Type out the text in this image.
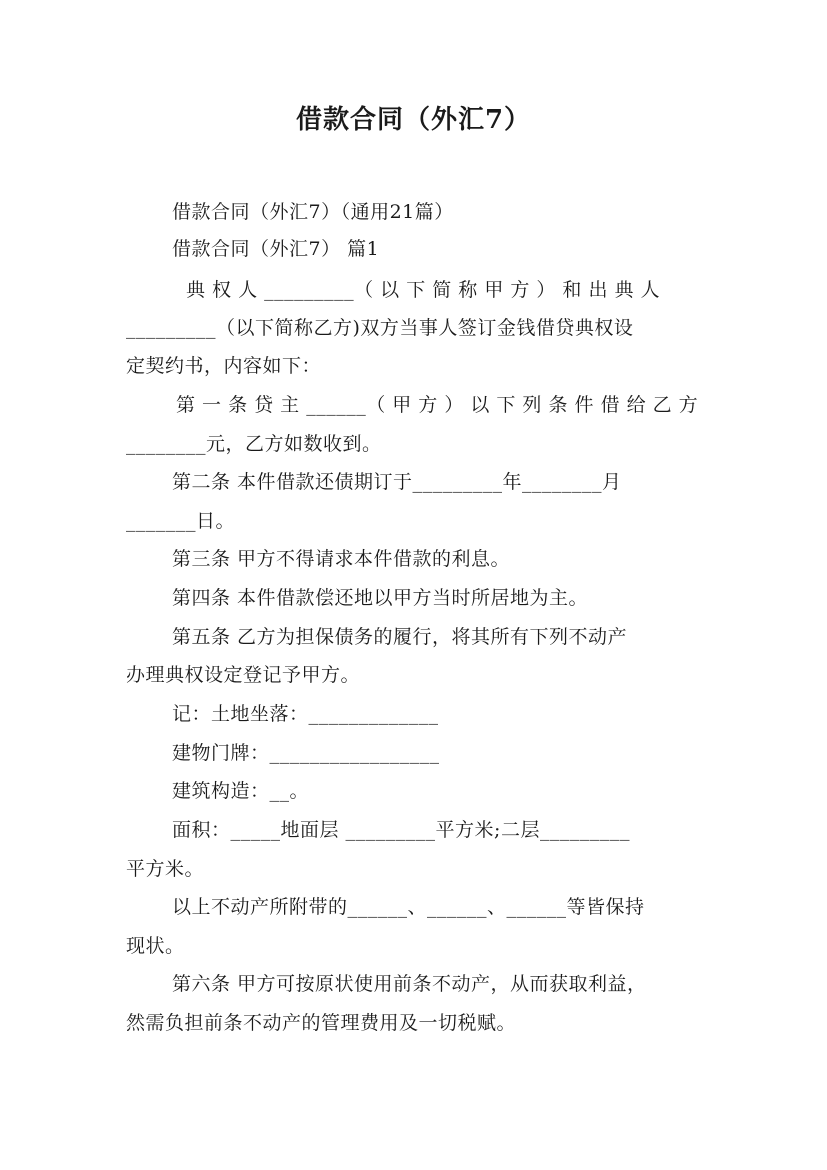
借款合同（外汇7）
借款合同（外汇7）（通用21篇）
借款合同（外汇7） 篇1
典 权 人 _________（ 以 下 简 称 甲 方 ） 和 出 典 人
_________（以下简称乙方)双方当事人签订金钱借贷典权设
定契约书，内容如下：
第 一 条 贷 主 ______（ 甲 方 ） 以 下 列 条 件 借 给 乙 方
________元，乙方如数收到。
第二条 本件借款还债期订于_________年________月
_______日。
第三条 甲方不得请求本件借款的利息。
第四条 本件借款偿还地以甲方当时所居地为主。
第五条 乙方为担保债务的履行，将其所有下列不动产
办理典权设定登记予甲方。
记：土地坐落：_____________
建物门牌：_________________
建筑构造：__。
面积：_____地面层 _________平方米;二层_________
平方米。
以上不动产所附带的______、______、______等皆保持
现状。
第六条 甲方可按原状使用前条不动产，从而获取利益，
然需负担前条不动产的管理费用及一切税赋。
